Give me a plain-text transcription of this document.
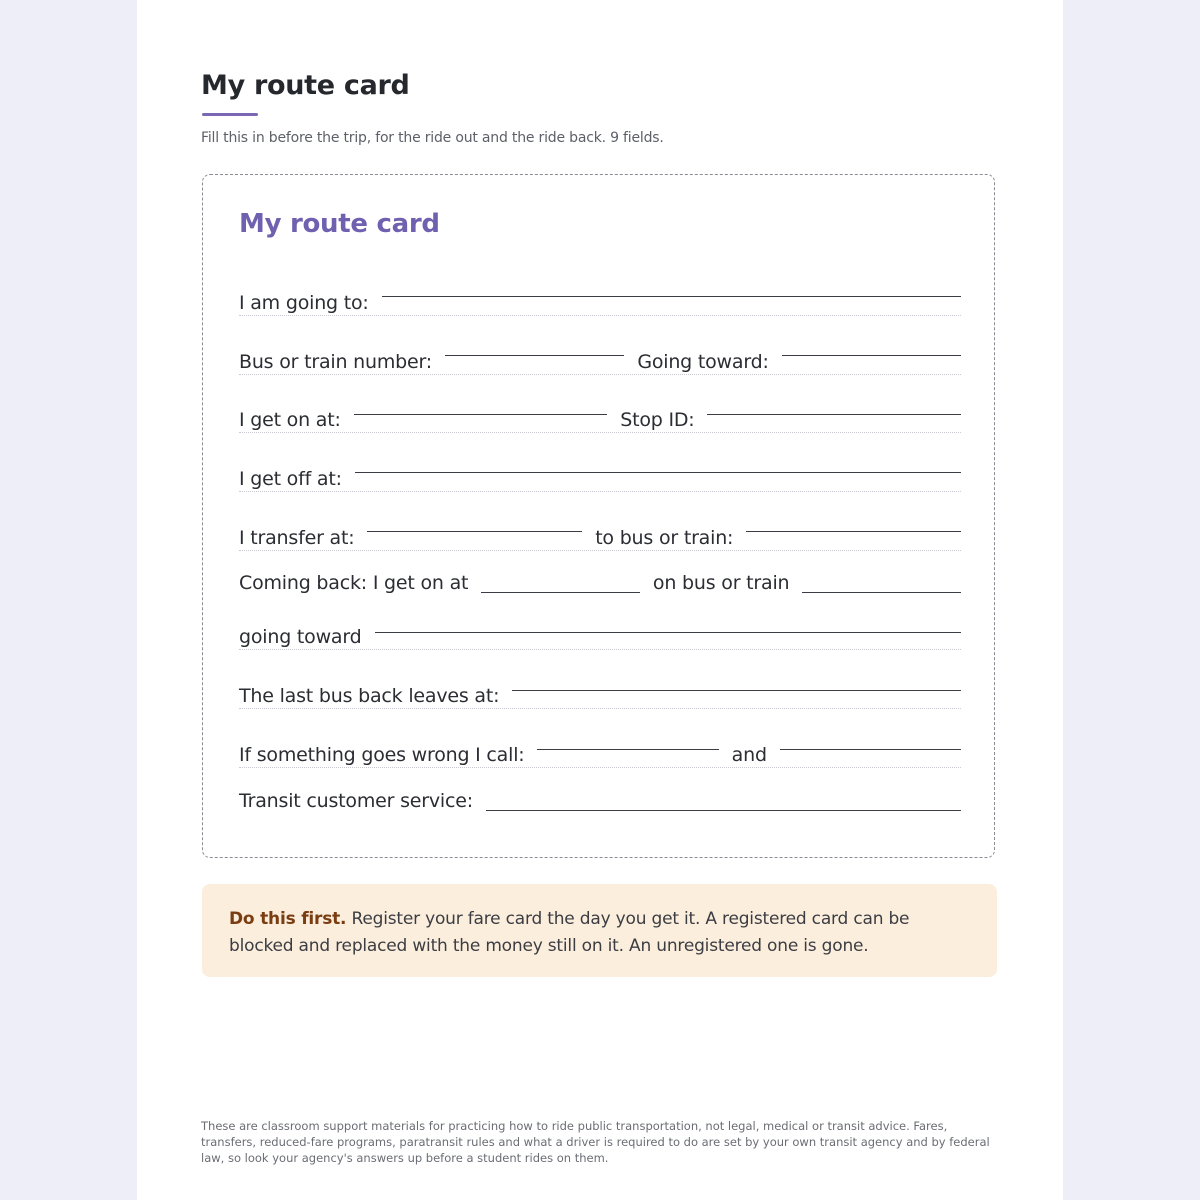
My route card
Fill this in before the trip, for the ride out and the ride back. 9 fields.
My route card
I am going to:
Bus or train number:	Going toward:
I get on at:	Stop ID:
I get off at:
I transfer at:	to bus or train:
Coming back: I get on at	on bus or train
going toward
The last bus back leaves at:
If something goes wrong I call:	and
Transit customer service:
Do this first. Register your fare card the day you get it. A registered card can be blocked and replaced with the money still on it. An unregistered one is gone.
These are classroom support materials for practicing how to ride public transportation, not legal, medical or transit advice. Fares, transfers, reduced-fare programs, paratransit rules and what a driver is required to do are set by your own transit agency and by federal law, so look your agency's answers up before a student rides on them.
